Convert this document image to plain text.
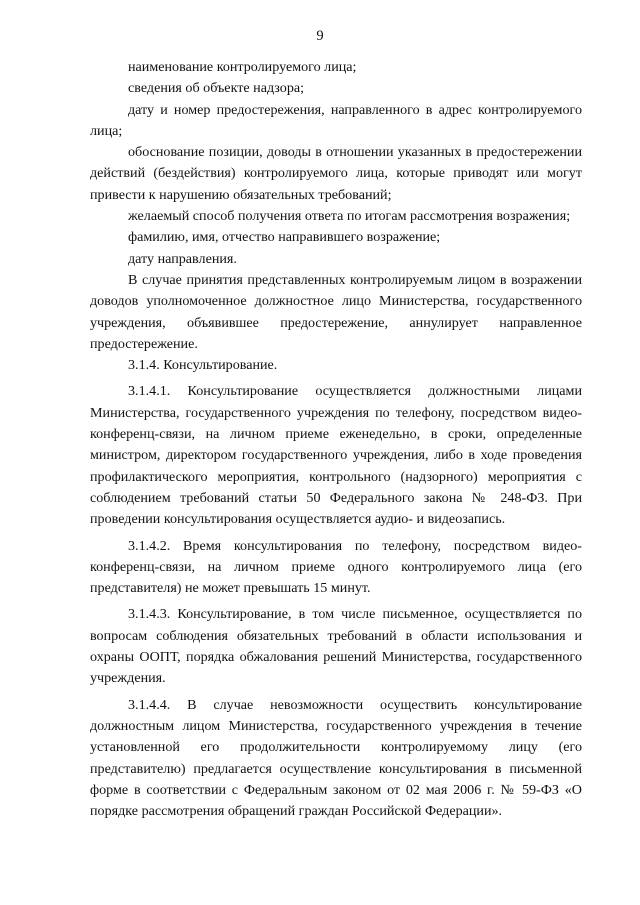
9
наименование контролируемого лица;
сведения об объекте надзора;

дату и номер предостережения, направленного в адрес контролируемого лица;

обоснование позиции, доводы в отношении указанных в предостережении действий (бездействия) контролируемого лица, которые приводят или могут привести к нарушению обязательных требований;

желаемый способ получения ответа по итогам рассмотрения возражения;

фамилию, имя, отчество направившего возражение;
дату направления.

В случае принятия представленных контролируемым лицом в возражении доводов уполномоченное должностное лицо Министерства, государственного учреждения, объявившее предостережение, аннулирует направленное предостережение.

3.1.4. Консультирование.

3.1.4.1. Консультирование осуществляется должностными лицами Министерства, государственного учреждения по телефону, посредством видео-конференц-связи, на личном приеме еженедельно, в сроки, определенные министром, директором государственного учреждения, либо в ходе проведения профилактического мероприятия, контрольного (надзорного) мероприятия с соблюдением требований статьи 50 Федерального закона № 248-ФЗ. При проведении консультирования осуществляется аудио- и видеозапись.

3.1.4.2. Время консультирования по телефону, посредством видео-конференц-связи, на личном приеме одного контролируемого лица (его представителя) не может превышать 15 минут.

3.1.4.3. Консультирование, в том числе письменное, осуществляется по вопросам соблюдения обязательных требований в области использования и охраны ООПТ, порядка обжалования решений Министерства, государственного учреждения.

3.1.4.4. В случае невозможности осуществить консультирование должностным лицом Министерства, государственного учреждения в течение установленной его продолжительности контролируемому лицу (его представителю) предлагается осуществление консультирования в письменной форме в соответствии с Федеральным законом от 02 мая 2006 г. № 59-ФЗ «О порядке рассмотрения обращений граждан Российской Федерации».
